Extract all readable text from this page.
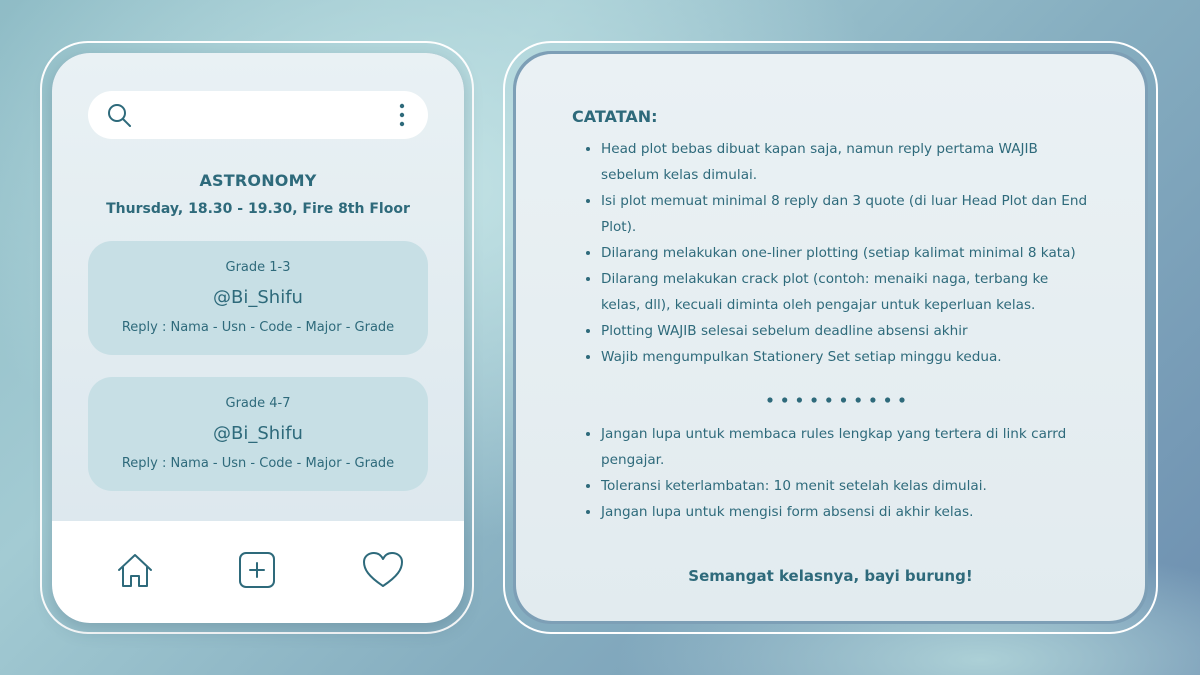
ASTRONOMY
Thursday, 18.30 - 19.30, Fire 8th Floor
Grade 1-3
@Bi_Shifu
Reply : Nama - Usn - Code - Major - Grade
Grade 4-7
@Bi_Shifu
Reply : Nama - Usn - Code - Major - Grade
CATATAN:
• Head plot bebas dibuat kapan saja, namun reply pertama WAJIB sebelum kelas dimulai.
• Isi plot memuat minimal 8 reply dan 3 quote (di luar Head Plot dan End Plot).
• Dilarang melakukan one-liner plotting (setiap kalimat minimal 8 kata)
• Dilarang melakukan crack plot (contoh: menaiki naga, terbang ke kelas, dll), kecuali diminta oleh pengajar untuk keperluan kelas.
• Plotting WAJIB selesai sebelum deadline absensi akhir
• Wajib mengumpulkan Stationery Set setiap minggu kedua.
• Jangan lupa untuk membaca rules lengkap yang tertera di link carrd pengajar.
• Toleransi keterlambatan: 10 menit setelah kelas dimulai.
• Jangan lupa untuk mengisi form absensi di akhir kelas.
Semangat kelasnya, bayi burung!
